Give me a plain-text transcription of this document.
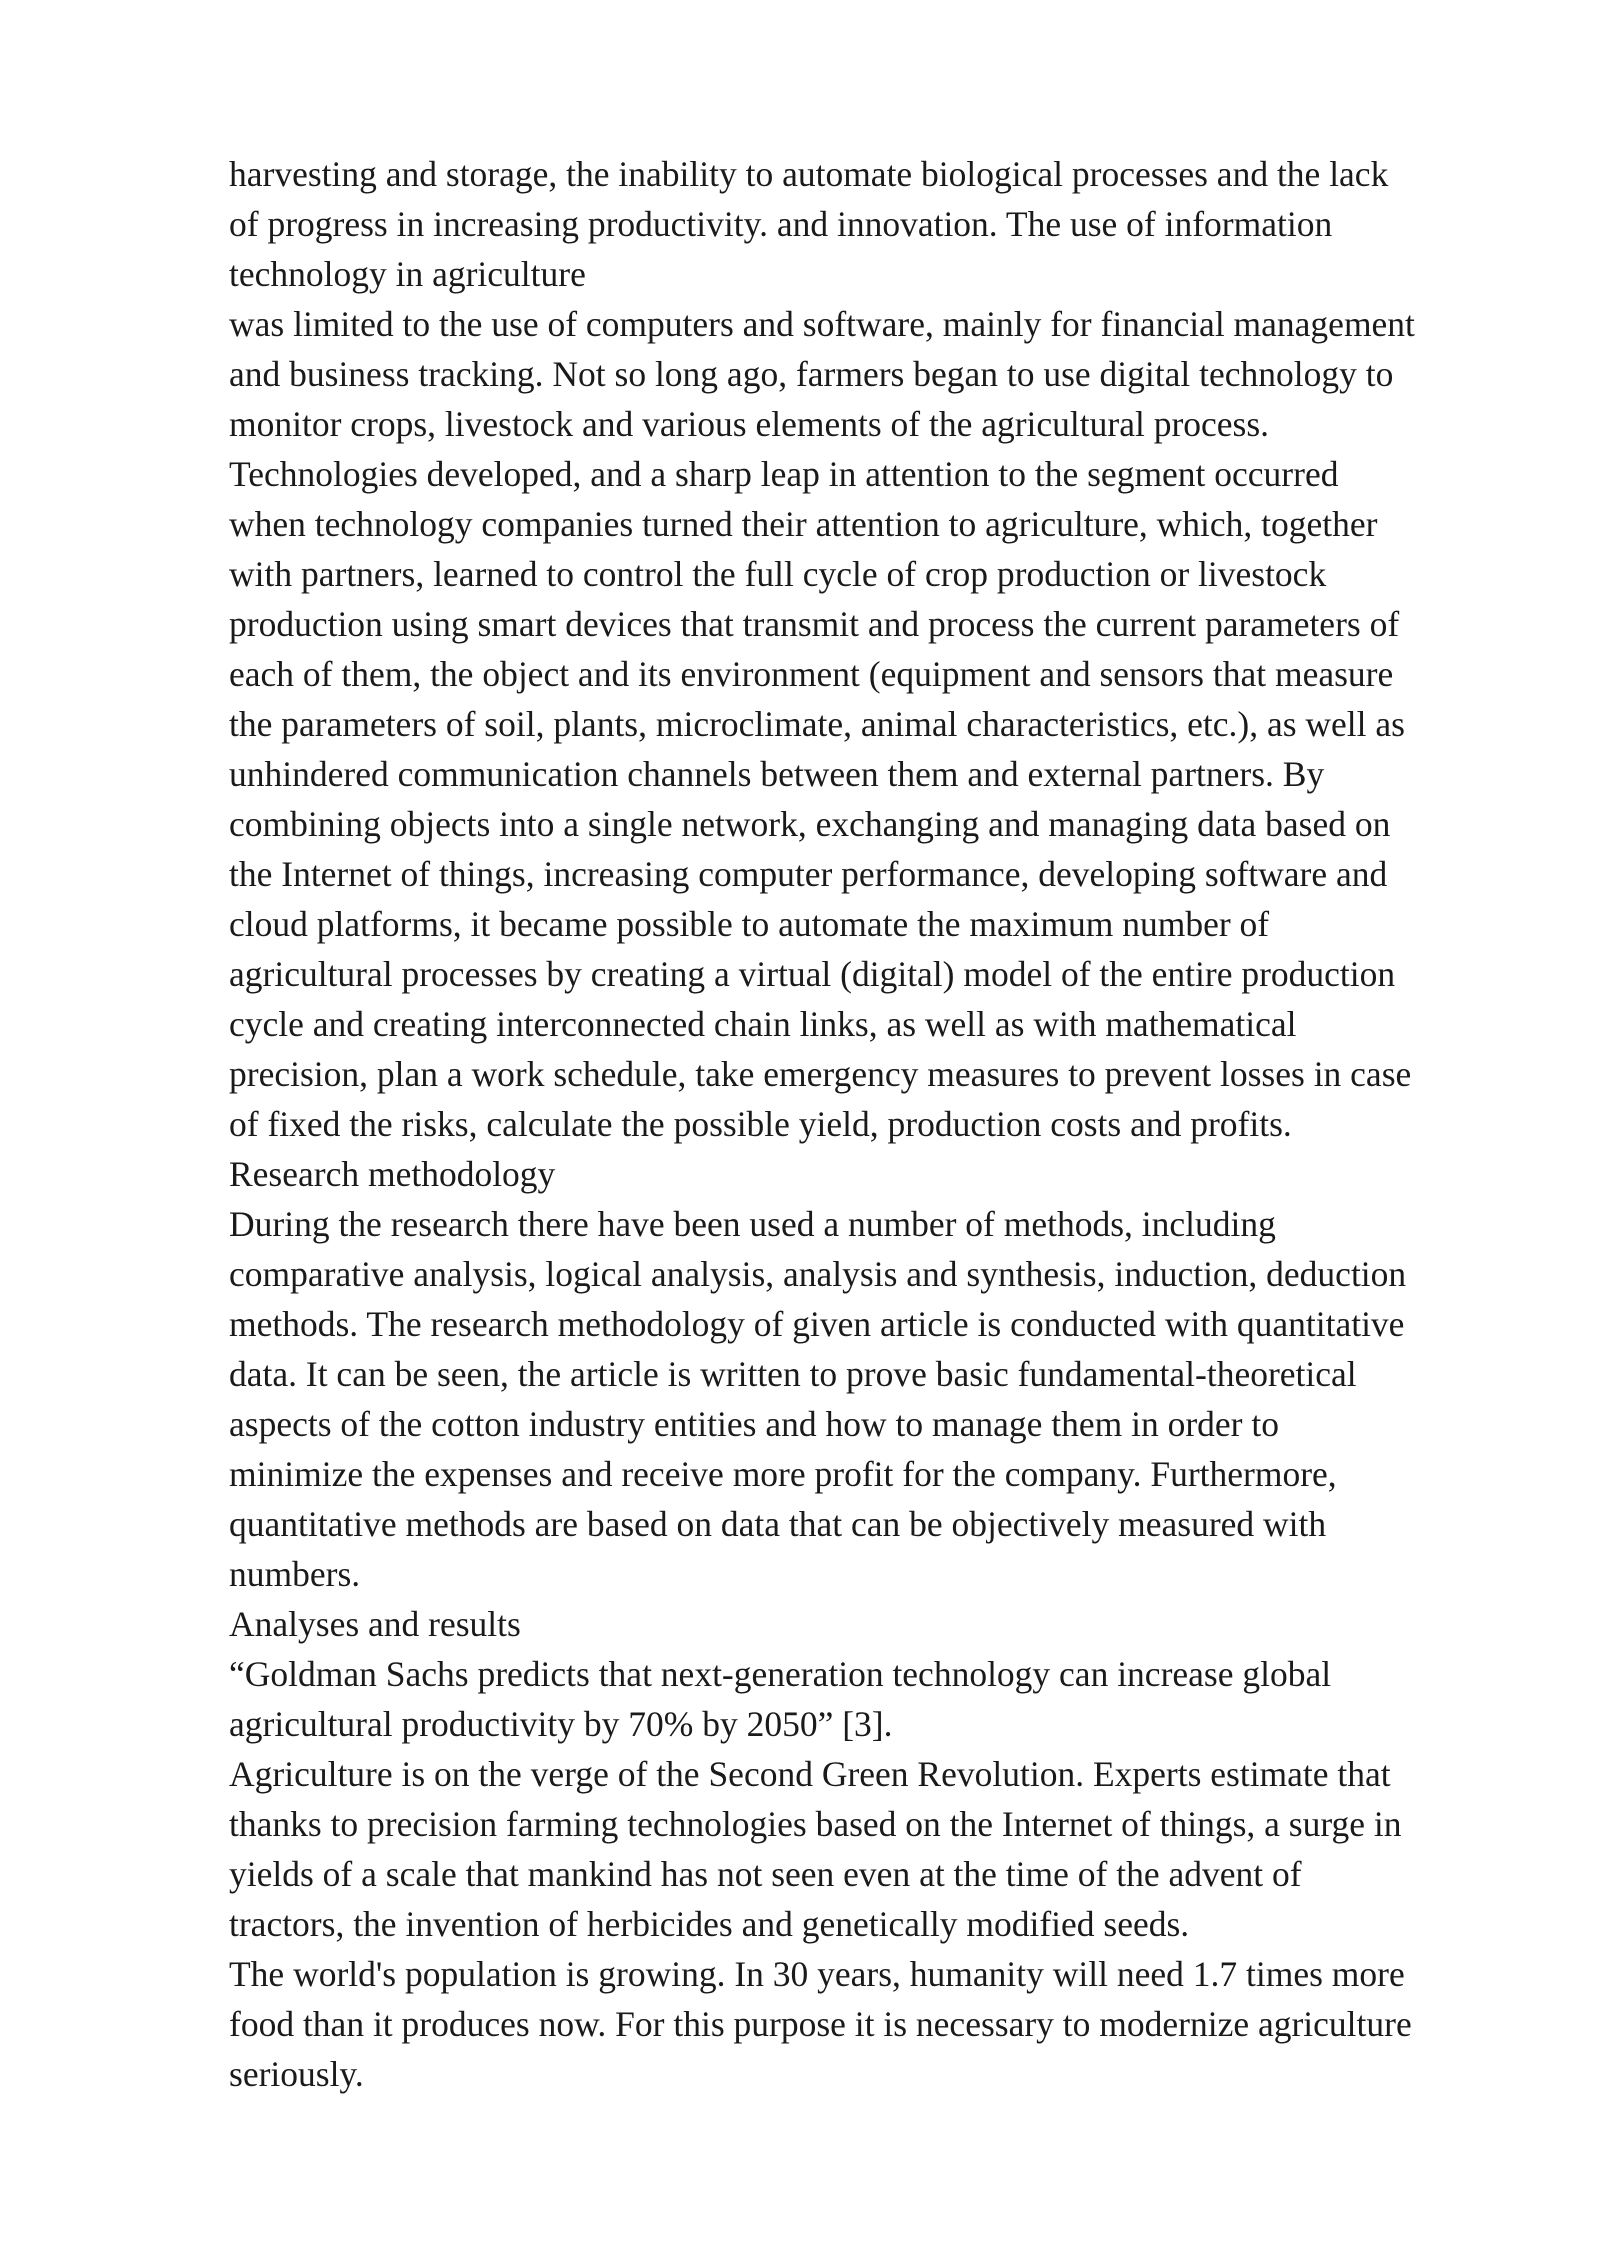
harvesting and storage, the inability to automate biological processes and the lack
of progress in increasing productivity. and innovation. The use of information
technology in agriculture
was limited to the use of computers and software, mainly for financial management
and business tracking. Not so long ago, farmers began to use digital technology to
monitor crops, livestock and various elements of the agricultural process.
Technologies developed, and a sharp leap in attention to the segment occurred
when technology companies turned their attention to agriculture, which, together
with partners, learned to control the full cycle of crop production or livestock
production using smart devices that transmit and process the current parameters of
each of them, the object and its environment (equipment and sensors that measure
the parameters of soil, plants, microclimate, animal characteristics, etc.), as well as
unhindered communication channels between them and external partners. By
combining objects into a single network, exchanging and managing data based on
the Internet of things, increasing computer performance, developing software and
cloud platforms, it became possible to automate the maximum number of
agricultural processes by creating a virtual (digital) model of the entire production
cycle and creating interconnected chain links, as well as with mathematical
precision, plan a work schedule, take emergency measures to prevent losses in case
of fixed the risks, calculate the possible yield, production costs and profits.
Research methodology
During the research there have been used a number of methods, including
comparative analysis, logical analysis, analysis and synthesis, induction, deduction
methods. The research methodology of given article is conducted with quantitative
data. It can be seen, the article is written to prove basic fundamental-theoretical
aspects of the cotton industry entities and how to manage them in order to
minimize the expenses and receive more profit for the company. Furthermore,
quantitative methods are based on data that can be objectively measured with
numbers.
Analyses and results
“Goldman Sachs predicts that next-generation technology can increase global
agricultural productivity by 70% by 2050” [3].
Agriculture is on the verge of the Second Green Revolution. Experts estimate that
thanks to precision farming technologies based on the Internet of things, a surge in
yields of a scale that mankind has not seen even at the time of the advent of
tractors, the invention of herbicides and genetically modified seeds.
The world's population is growing. In 30 years, humanity will need 1.7 times more
food than it produces now. For this purpose it is necessary to modernize agriculture
seriously.
